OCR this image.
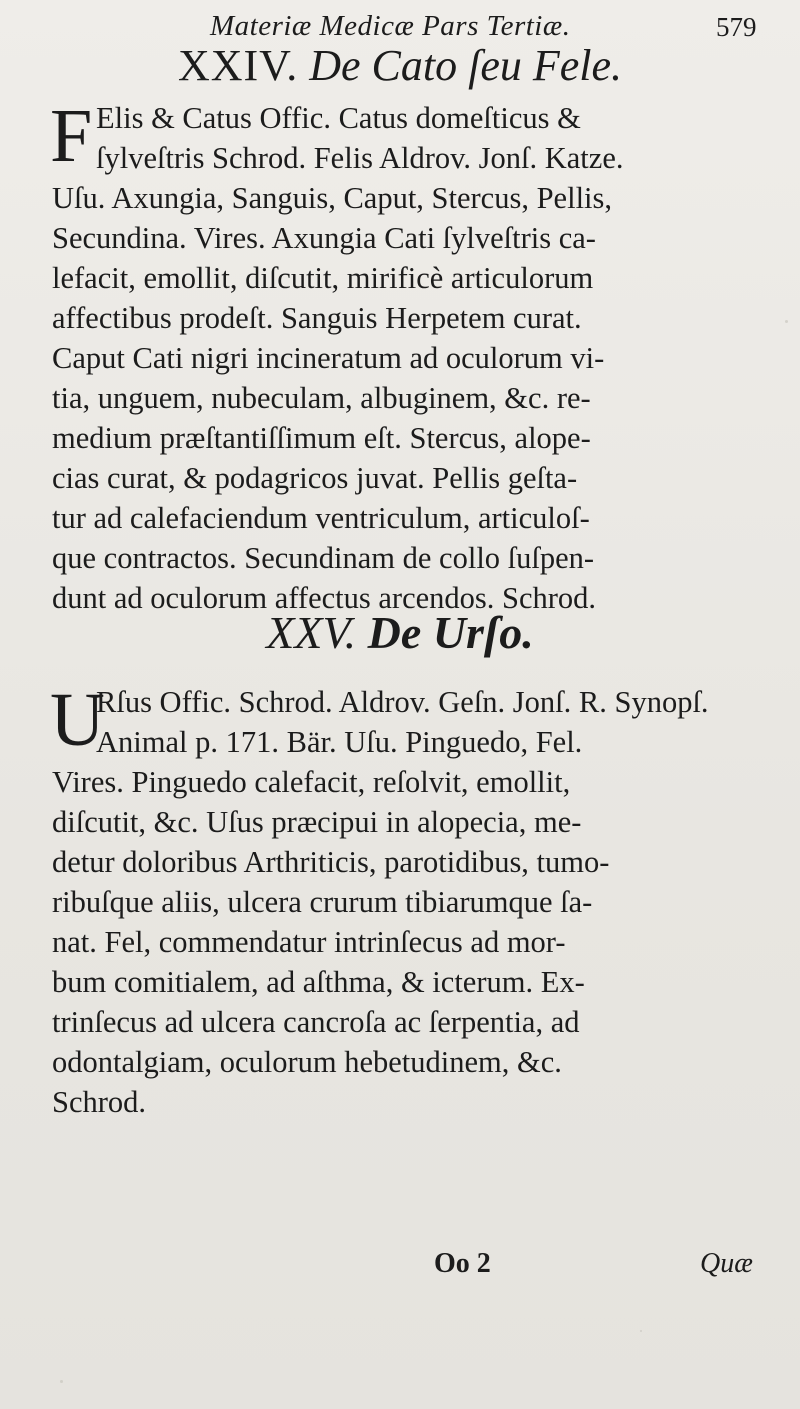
Materiæ Medicæ Pars Tertiæ.	579
XXIV. De Cato ſeu Fele.
F Elis & Catus Offic. Catus domeſticus &
ſylveſtris Schrod. Felis Aldrov. Jonſ. Katze.
Uſu. Axungia, Sanguis, Caput, Stercus, Pellis,
Secundina. Vires. Axungia Cati ſylveſtris ca-
lefacit, emollit, diſcutit, mirificè articulorum
affectibus prodeſt. Sanguis Herpetem curat.
Caput Cati nigri incineratum ad oculorum vi-
tia, unguem, nubeculam, albuginem, &c. re-
medium præſtantiſſimum eſt. Stercus, alope-
cias curat, & podagricos juvat. Pellis geſta-
tur ad calefaciendum ventriculum, articuloſ-
que contractos. Secundinam de collo ſuſpen-
dunt ad oculorum affectus arcendos. Schrod.
XXV. De Urſo.
U
Rſus Offic. Schrod. Aldrov. Geſn. Jonſ. R. Synopſ.
Animal p. 171. Bär. Uſu. Pinguedo, Fel.
Vires. Pinguedo calefacit, reſolvit, emollit,
diſcutit, &c. Uſus præcipui in alopecia, me-
detur doloribus Arthriticis, parotidibus, tumo-
ribuſque aliis, ulcera crurum tibiarumque ſa-
nat. Fel, commendatur intrinſecus ad mor-
bum comitialem, ad aſthma, & icterum. Ex-
trinſecus ad ulcera cancroſa ac ſerpentia, ad
odontalgiam, oculorum hebetudinem, &c.
Schrod.
Oo 2	Quæ
